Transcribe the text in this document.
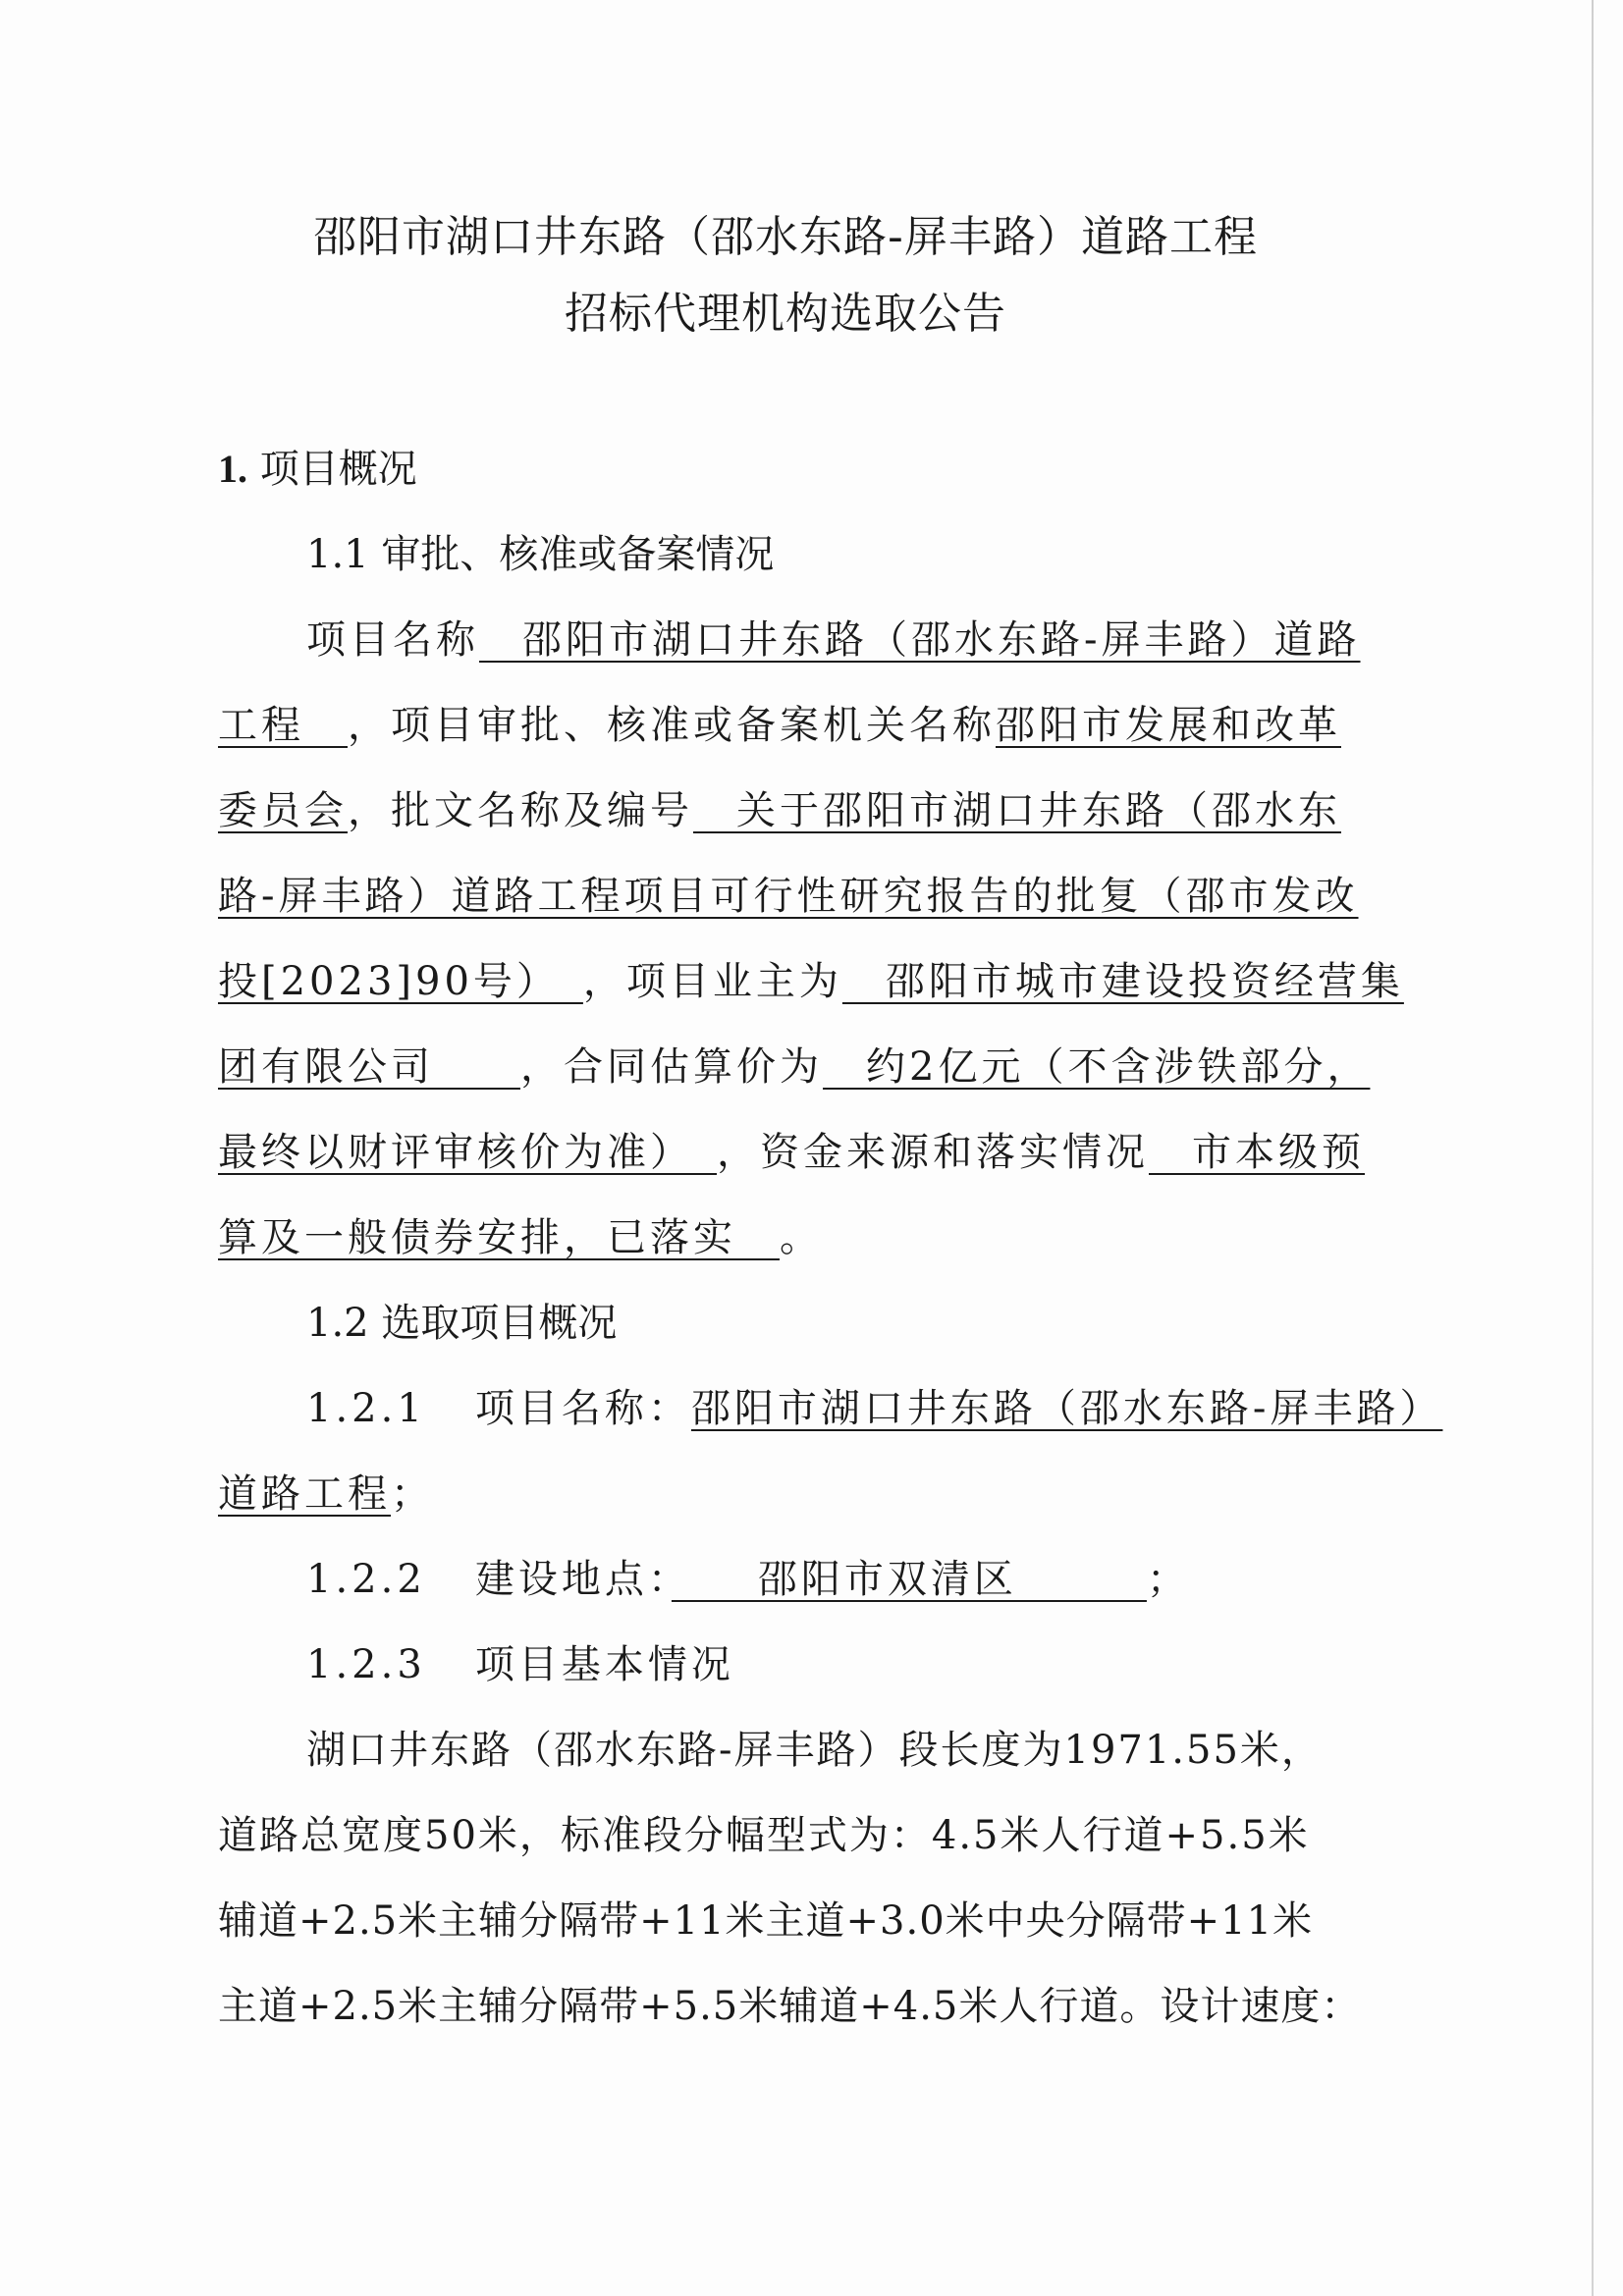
邵阳市湖口井东路（邵水东路-屏丰路）道路工程
招标代理机构选取公告
1. 项目概况
1.1 审批、核准或备案情况
项目名称　邵阳市湖口井东路（邵水东路-屏丰路）道路
工程　，项目审批、核准或备案机关名称邵阳市发展和改革
委员会，批文名称及编号　关于邵阳市湖口井东路（邵水东
路-屏丰路）道路工程项目可行性研究报告的批复（邵市发改
投[2023]90号）　，项目业主为　邵阳市城市建设投资经营集
团有限公司　　，合同估算价为　约2亿元（不含涉铁部分，
最终以财评审核价为准）　，资金来源和落实情况　市本级预
算及一般债券安排，已落实　。
1.2 选取项目概况
1.2.1 项目名称：邵阳市湖口井东路（邵水东路-屏丰路）
道路工程；
1.2.2 建设地点：　　邵阳市双清区　　　；
1.2.3 项目基本情况
湖口井东路（邵水东路-屏丰路）段长度为1971.55米，
道路总宽度50米，标准段分幅型式为：4.5米人行道+5.5米
辅道+2.5米主辅分隔带+11米主道+3.0米中央分隔带+11米
主道+2.5米主辅分隔带+5.5米辅道+4.5米人行道。设计速度：
